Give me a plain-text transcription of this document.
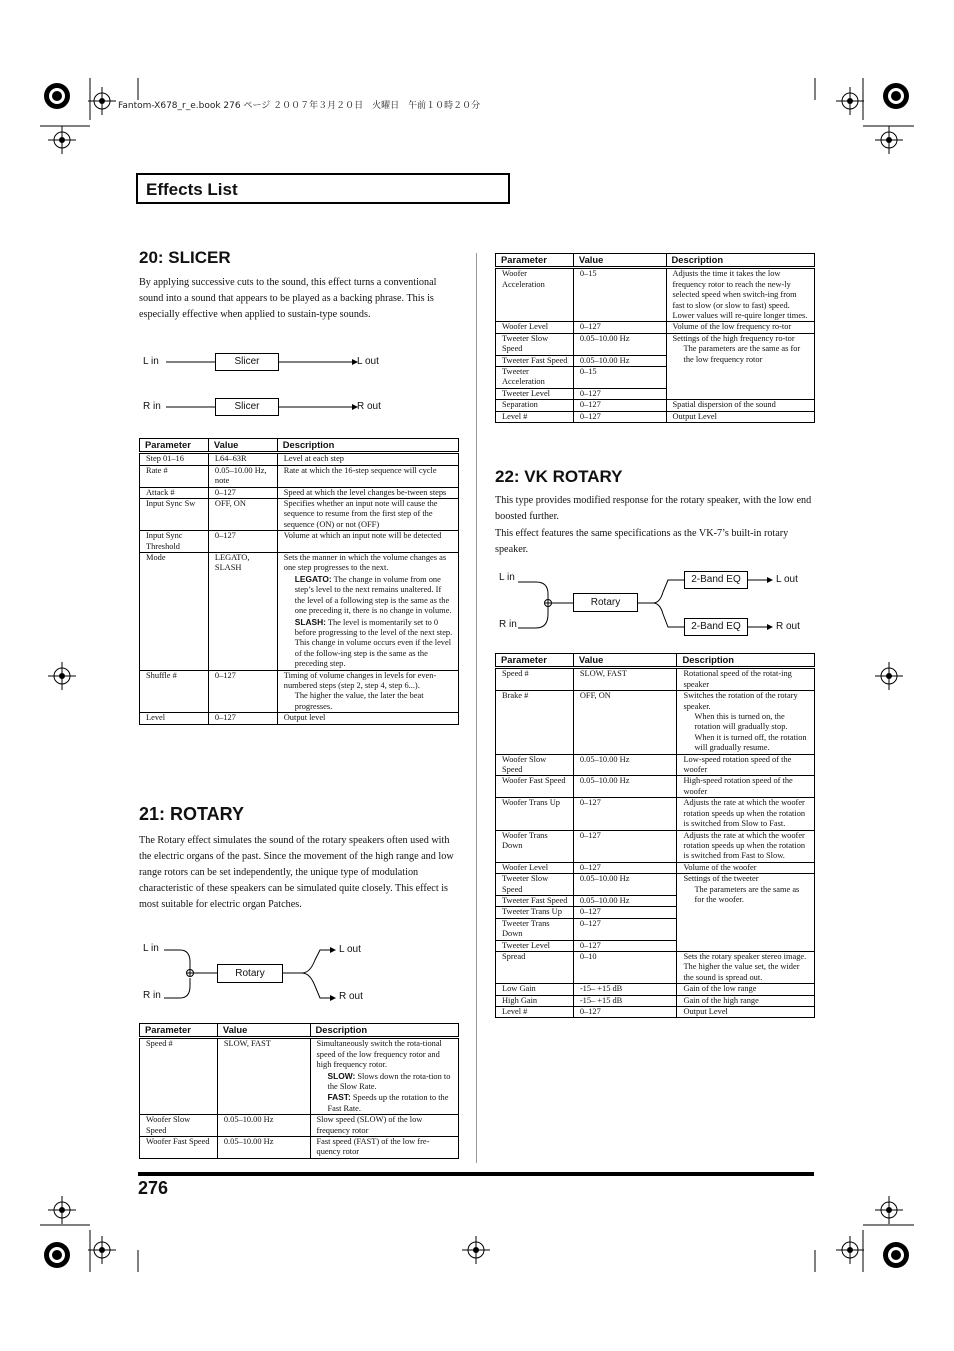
Fantom-X678_r_e.book 276 ページ ２００７年３月２０日　火曜日　午前１０時２０分
Effects List
20: SLICER

By applying successive cuts to the sound, this effect turns a conventional sound into a sound that appears to be played as a backing phrase. This is especially effective when applied to sustain-type sounds.

L in
R in
Slicer
Slicer
L out
R out
Parameter	Value	Description
Step 01–16	L64–63R	Level at each step
Rate #	0.05–10.00 Hz, note	Rate at which the 16-step sequence will cycle
Attack #	0–127	Speed at which the level changes be-tween steps
Input Sync Sw	OFF, ON	Specifies whether an input note will cause the sequence to resume from the first step of the sequence (ON) or not (OFF)
Input Sync Threshold	0–127	Volume at which an input note will be detected
Mode	LEGATO, SLASH	Sets the manner in which the volume changes as one step progresses to the next.
LEGATO: The change in volume from one step’s level to the next remains unaltered. If the level of a following step is the same as the one preceding it, there is no change in volume.
SLASH: The level is momentarily set to 0 before progressing to the level of the next step. This change in volume occurs even if the level of the follow-ing step is the same as the preceding step.

Shuffle #	0–127	Timing of volume changes in levels for even-numbered steps (step 2, step 4, step 6...).
The higher the value, the later the beat progresses.

Level	0–127	Output level
21: ROTARY

The Rotary effect simulates the sound of the rotary speakers often used with the electric organs of the past. Since the movement of the high range and low range rotors can be set independently, the unique type of modulation characteristic of these speakers can be simulated quite closely. This effect is most suitable for electric organ Patches.

L in
R in
Rotary
L out
R out
Parameter	Value	Description
Speed #	SLOW, FAST	Simultaneously switch the rota-tional speed of the low frequency rotor and high frequency rotor.
SLOW: Slows down the rota-tion to the Slow Rate.
FAST: Speeds up the rotation to the Fast Rate.

Woofer Slow Speed	0.05–10.00 Hz	Slow speed (SLOW) of the low frequency rotor
Woofer Fast Speed	0.05–10.00 Hz	Fast speed (FAST) of the low fre-quency rotor
Parameter	Value	Description
Woofer Acceleration	0–15	Adjusts the time it takes the low frequency rotor to reach the new-ly selected speed when switch-ing from fast to slow (or slow to fast) speed. Lower values will re-quire longer times.
Woofer Level	0–127	Volume of the low frequency ro-tor
Tweeter Slow Speed	0.05–10.00 Hz	Settings of the high frequency ro-tor
The parameters are the same as for the low frequency rotor

Tweeter Fast Speed	0.05–10.00 Hz	
Tweeter Acceleration	0–15	
Tweeter Level	0–127	
Separation	0–127	Spatial dispersion of the sound
Level #	0–127	Output Level
22: VK ROTARY

This type provides modified response for the rotary speaker, with the low end boosted further.

This effect features the same specifications as the VK-7’s built-in rotary speaker.

L in
R in
Rotary
2-Band EQ
2-Band EQ
L out
R out
Parameter	Value	Description
Speed #	SLOW, FAST	Rotational speed of the rotat-ing speaker
Brake #	OFF, ON	Switches the rotation of the rotary speaker.
When this is turned on, the rotation will gradually stop. When it is turned off, the rotation will gradually resume.

Woofer Slow Speed	0.05–10.00 Hz	Low-speed rotation speed of the woofer
Woofer Fast Speed	0.05–10.00 Hz	High-speed rotation speed of the woofer
Woofer Trans Up	0–127	Adjusts the rate at which the woofer rotation speeds up when the rotation is switched from Slow to Fast.
Woofer Trans Down	0–127	Adjusts the rate at which the woofer rotation speeds up when the rotation is switched from Fast to Slow.
Woofer Level	0–127	Volume of the woofer
Tweeter Slow Speed	0.05–10.00 Hz	Settings of the tweeter
The parameters are the same as for the woofer.

Tweeter Fast Speed	0.05–10.00 Hz	
Tweeter Trans Up	0–127	
Tweeter Trans Down	0–127	
Tweeter Level	0–127	
Spread	0–10	Sets the rotary speaker stereo image. The higher the value set, the wider the sound is spread out.
Low Gain	-15– +15 dB	Gain of the low range
High Gain	-15– +15 dB	Gain of the high range
Level #	0–127	Output Level
276
